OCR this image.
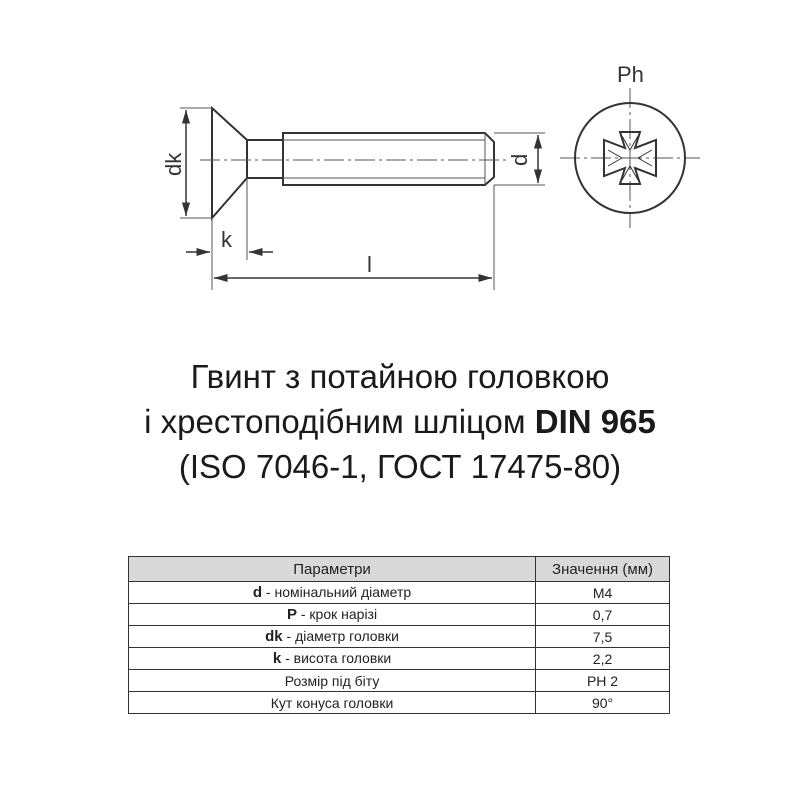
dk	d
k
l
Ph
Гвинт з потайною головкою
і хрестоподібним шліцом DIN 965
(ISO 7046-1, ГОСТ 17475-80)
Параметри	Значення (мм)
d - номінальний діаметр	M4
P - крок нарізі	0,7
dk - діаметр головки	7,5
k - висота головки	2,2
Розмір під біту	PH 2
Кут конуса головки	90°
